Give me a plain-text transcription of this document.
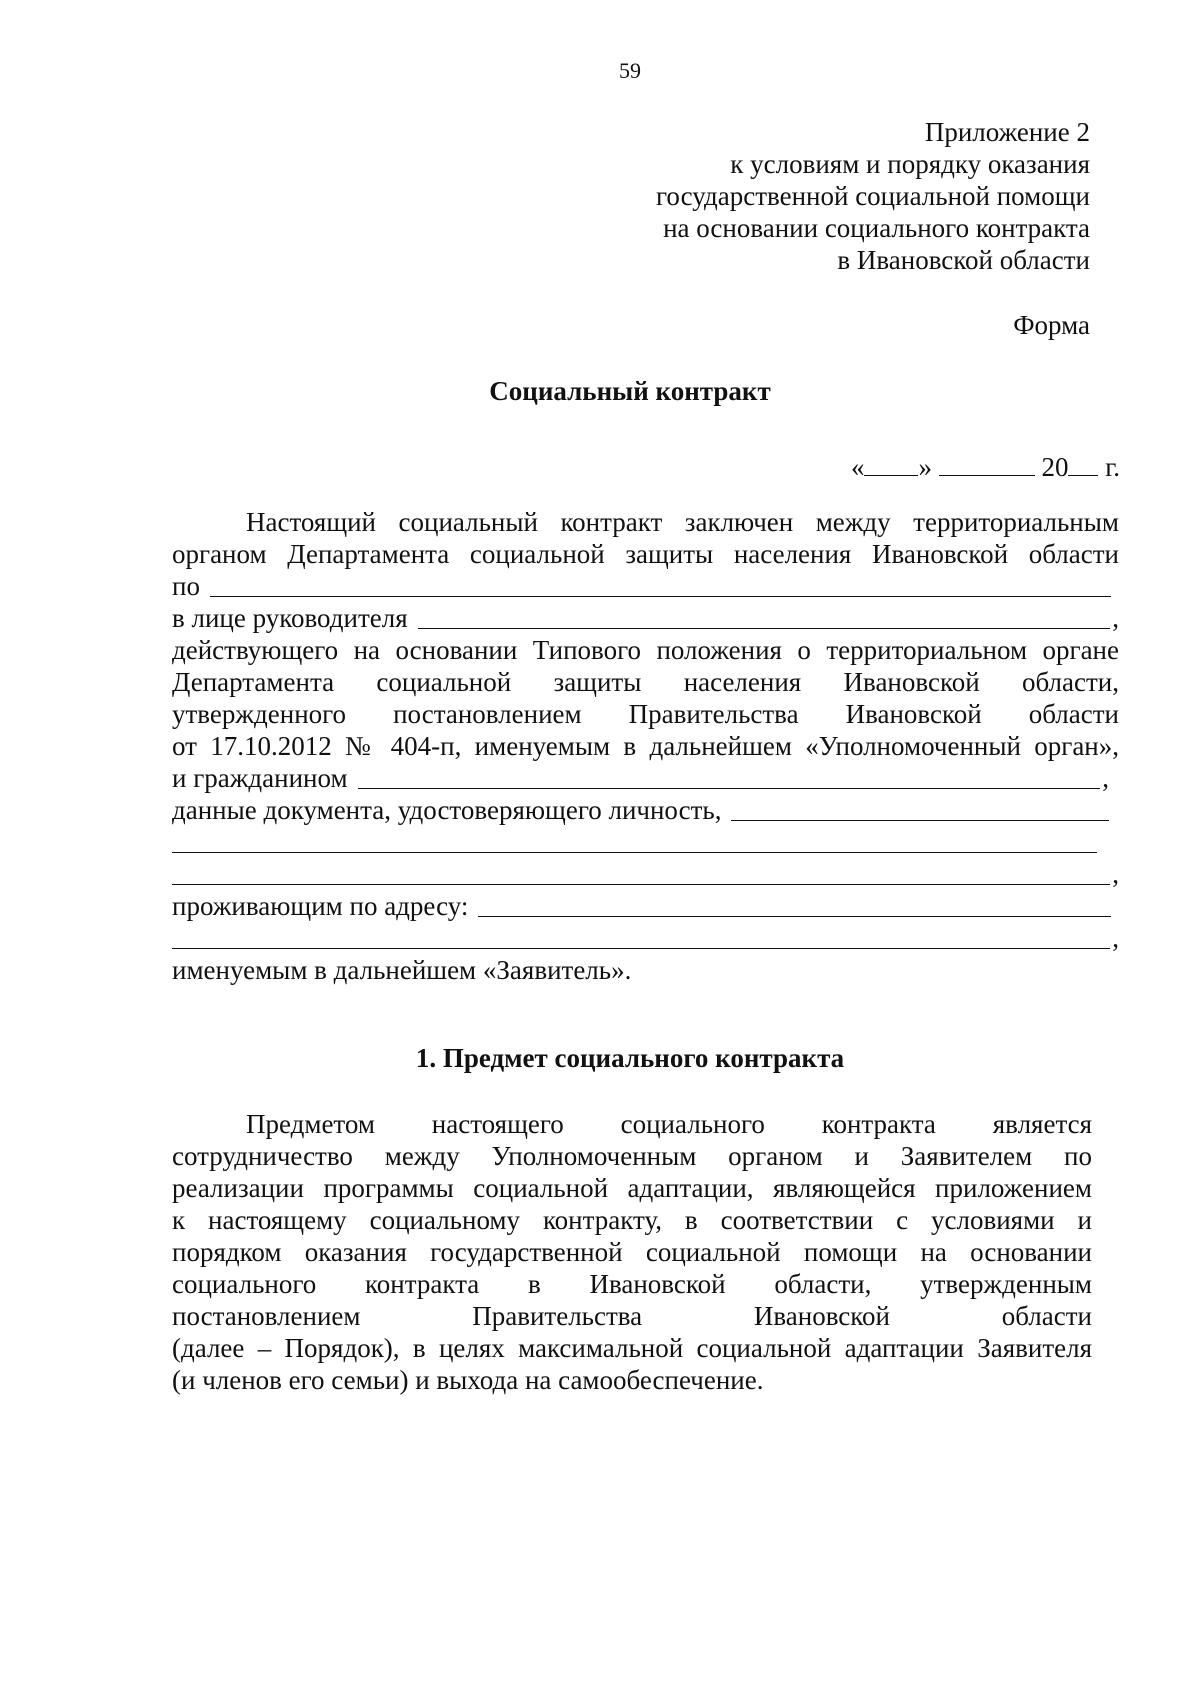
59
Приложение 2
к условиям и порядку оказания
государственной социальной помощи
на основании социального контракта
в Ивановской области
Форма
Социальный контракт
« »	20 г.
Настоящий социальный контракт заключен между территориальным
органом Департамента социальной защиты населения Ивановской области
по
в лице руководителя	,
действующего на основании Типового положения о территориальном органе
Департамента социальной защиты населения Ивановской области,
утвержденного постановлением Правительства Ивановской области
от 17.10.2012 № 404-п, именуемым в дальнейшем «Уполномоченный орган»,
и гражданином	,
данные документа, удостоверяющего личность,
,
проживающим по адресу:
,
именуемым в дальнейшем «Заявитель».
1. Предмет социального контракта
Предметом настоящего социального контракта является
сотрудничество между Уполномоченным органом и Заявителем по
реализации программы социальной адаптации, являющейся приложением
к настоящему социальному контракту, в соответствии с условиями и
порядком оказания государственной социальной помощи на основании
социального контракта в Ивановской области, утвержденным
постановлением Правительства Ивановской области
(далее – Порядок), в целях максимальной социальной адаптации Заявителя
(и членов его семьи) и выхода на самообеспечение.
